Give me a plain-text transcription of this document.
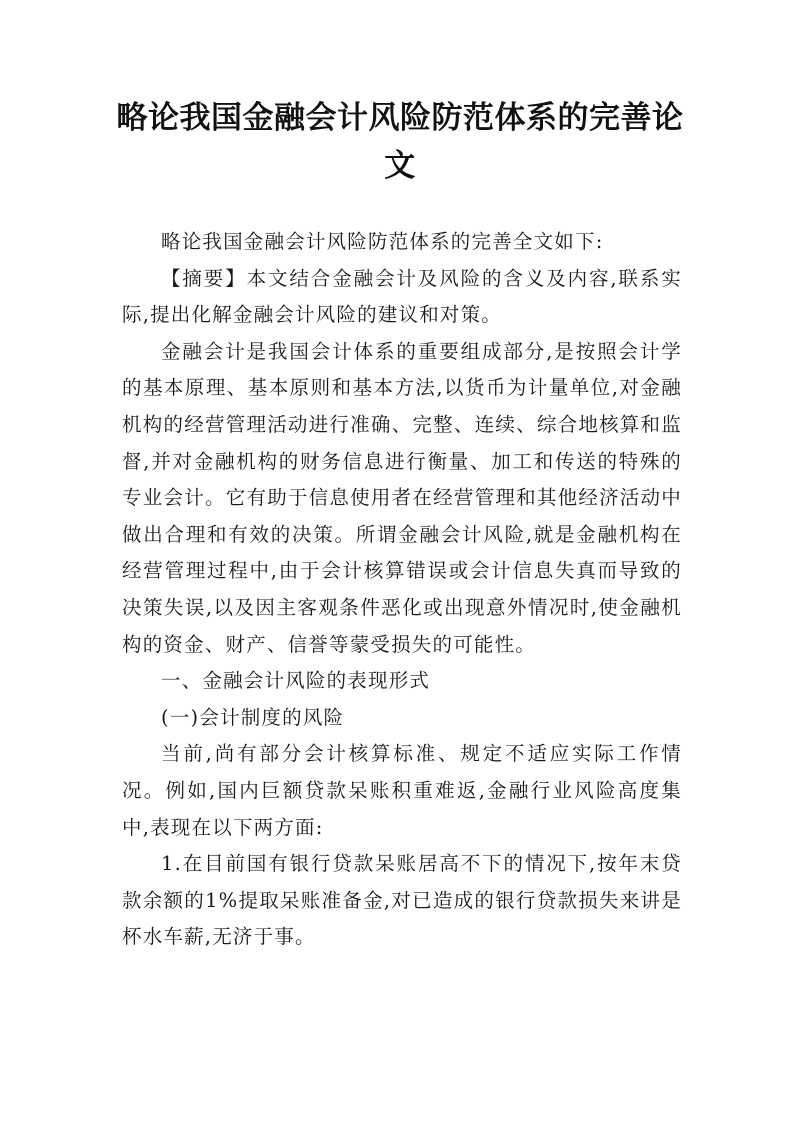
略论我国金融会计风险防范体系的完善论文

略论我国金融会计风险防范体系的完善全文如下:

【摘要】本文结合金融会计及风险的含义及内容,联系实际,提出化解金融会计风险的建议和对策。

金融会计是我国会计体系的重要组成部分,是按照会计学的基本原理、基本原则和基本方法,以货币为计量单位,对金融机构的经营管理活动进行准确、完整、连续、综合地核算和监督,并对金融机构的财务信息进行衡量、加工和传送的特殊的专业会计。它有助于信息使用者在经营管理和其他经济活动中做出合理和有效的决策。所谓金融会计风险,就是金融机构在经营管理过程中,由于会计核算错误或会计信息失真而导致的决策失误,以及因主客观条件恶化或出现意外情况时,使金融机构的资金、财产、信誉等蒙受损失的可能性。

一、金融会计风险的表现形式

(一)会计制度的风险

当前,尚有部分会计核算标准、规定不适应实际工作情况。例如,国内巨额贷款呆账积重难返,金融行业风险高度集中,表现在以下两方面:

1.在目前国有银行贷款呆账居高不下的情况下,按年末贷款余额的1%提取呆账准备金,对已造成的银行贷款损失来讲是杯水车薪,无济于事。
